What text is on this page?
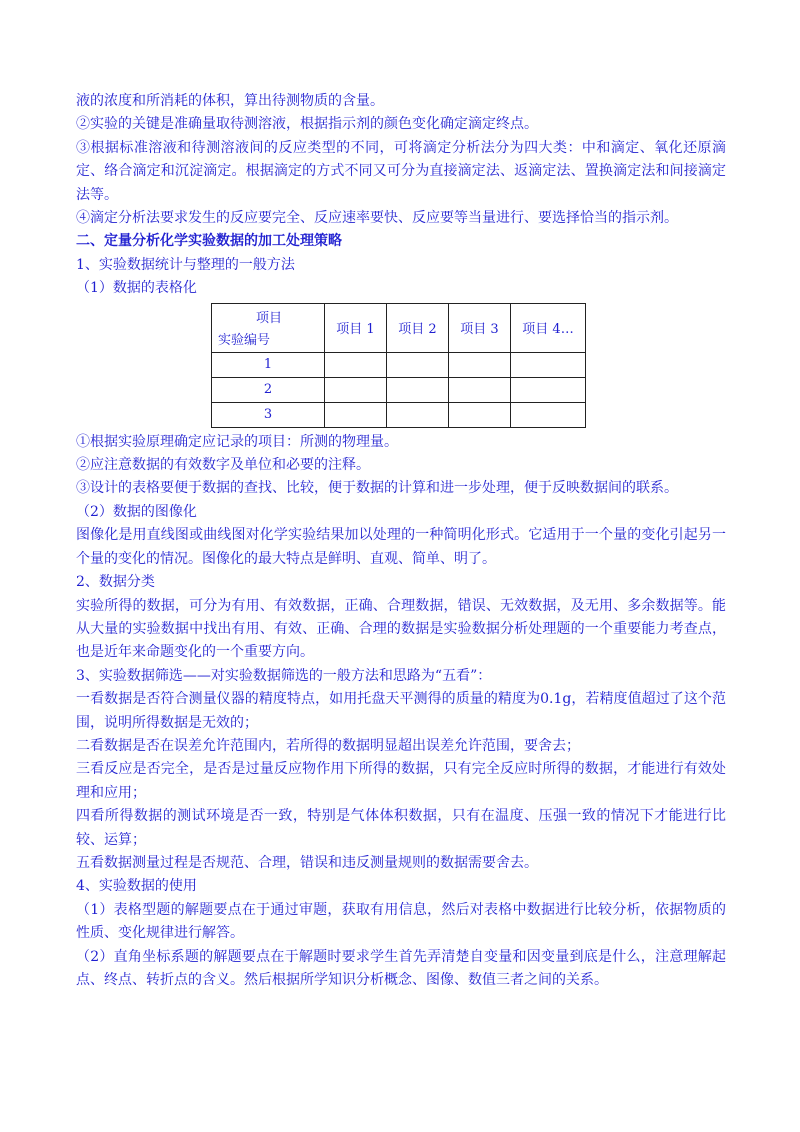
液的浓度和所消耗的体积，算出待测物质的含量。
②实验的关键是准确量取待测溶液，根据指示剂的颜色变化确定滴定终点。
③根据标准溶液和待测溶液间的反应类型的不同，可将滴定分析法分为四大类：中和滴定、氧化还原滴定、络合滴定和沉淀滴定。根据滴定的方式不同又可分为直接滴定法、返滴定法、置换滴定法和间接滴定法等。
④滴定分析法要求发生的反应要完全、反应速率要快、反应要等当量进行、要选择恰当的指示剂。
二、定量分析化学实验数据的加工处理策略
1、实验数据统计与整理的一般方法
（1）数据的表格化
项目
实验编号	项目 1	项目 2	项目 3	项目 4…
1				
2				
3				
①根据实验原理确定应记录的项目：所测的物理量。
②应注意数据的有效数字及单位和必要的注释。
③设计的表格要便于数据的查找、比较，便于数据的计算和进一步处理，便于反映数据间的联系。
（2）数据的图像化
图像化是用直线图或曲线图对化学实验结果加以处理的一种简明化形式。它适用于一个量的变化引起另一个量的变化的情况。图像化的最大特点是鲜明、直观、简单、明了。
2、数据分类
实验所得的数据，可分为有用、有效数据，正确、合理数据，错误、无效数据，及无用、多余数据等。能从大量的实验数据中找出有用、有效、正确、合理的数据是实验数据分析处理题的一个重要能力考查点，也是近年来命题变化的一个重要方向。
3、实验数据筛选——对实验数据筛选的一般方法和思路为“五看”：
一看数据是否符合测量仪器的精度特点，如用托盘天平测得的质量的精度为0.1g，若精度值超过了这个范围，说明所得数据是无效的；
二看数据是否在误差允许范围内，若所得的数据明显超出误差允许范围，要舍去；
三看反应是否完全，是否是过量反应物作用下所得的数据，只有完全反应时所得的数据，才能进行有效处理和应用；
四看所得数据的测试环境是否一致，特别是气体体积数据，只有在温度、压强一致的情况下才能进行比较、运算；
五看数据测量过程是否规范、合理，错误和违反测量规则的数据需要舍去。
4、实验数据的使用
（1）表格型题的解题要点在于通过审题，获取有用信息，然后对表格中数据进行比较分析，依据物质的性质、变化规律进行解答。
（2）直角坐标系题的解题要点在于解题时要求学生首先弄清楚自变量和因变量到底是什么，注意理解起点、终点、转折点的含义。然后根据所学知识分析概念、图像、数值三者之间的关系。
